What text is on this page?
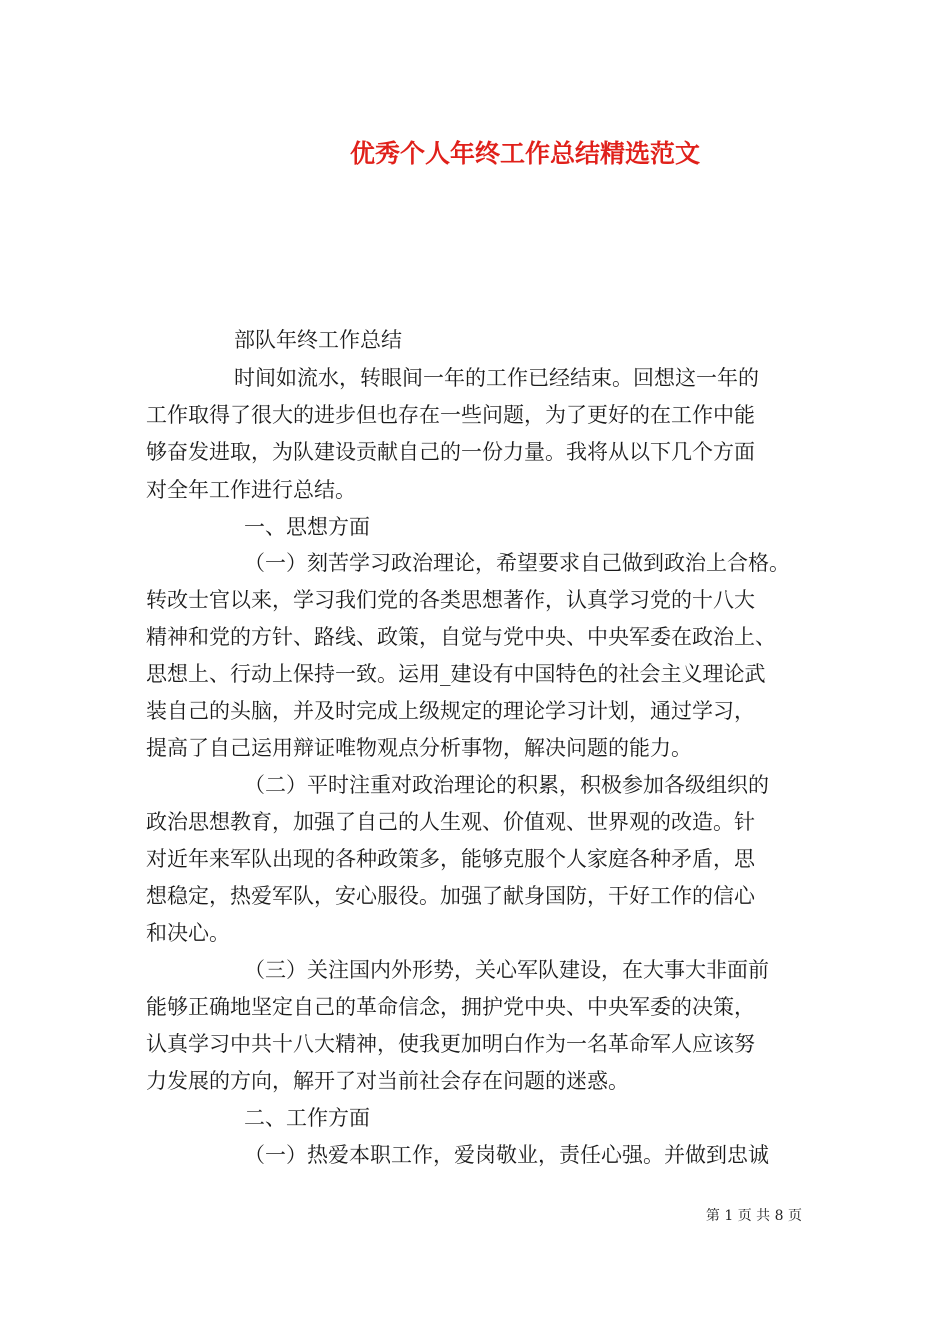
优秀个人年终工作总结精选范文
部队年终工作总结
时间如流水，转眼间一年的工作已经结束。回想这一年的
工作取得了很大的进步但也存在一些问题，为了更好的在工作中能
够奋发进取，为队建设贡献自己的一份力量。我将从以下几个方面
对全年工作进行总结。
一、思想方面
（一）刻苦学习政治理论，希望要求自己做到政治上合格。
转改士官以来，学习我们党的各类思想著作，认真学习党的十八大
精神和党的方针、路线、政策，自觉与党中央、中央军委在政治上、
思想上、行动上保持一致。运用_建设有中国特色的社会主义理论武
装自己的头脑，并及时完成上级规定的理论学习计划，通过学习，
提高了自己运用辩证唯物观点分析事物，解决问题的能力。
（二）平时注重对政治理论的积累，积极参加各级组织的
政治思想教育，加强了自己的人生观、价值观、世界观的改造。针
对近年来军队出现的各种政策多，能够克服个人家庭各种矛盾，思
想稳定，热爱军队，安心服役。加强了献身国防，干好工作的信心
和决心。
（三）关注国内外形势，关心军队建设，在大事大非面前
能够正确地坚定自己的革命信念，拥护党中央、中央军委的决策，
认真学习中共十八大精神，使我更加明白作为一名革命军人应该努
力发展的方向，解开了对当前社会存在问题的迷惑。
二、工作方面
（一）热爱本职工作，爱岗敬业，责任心强。并做到忠诚
第 1 页 共 8 页
